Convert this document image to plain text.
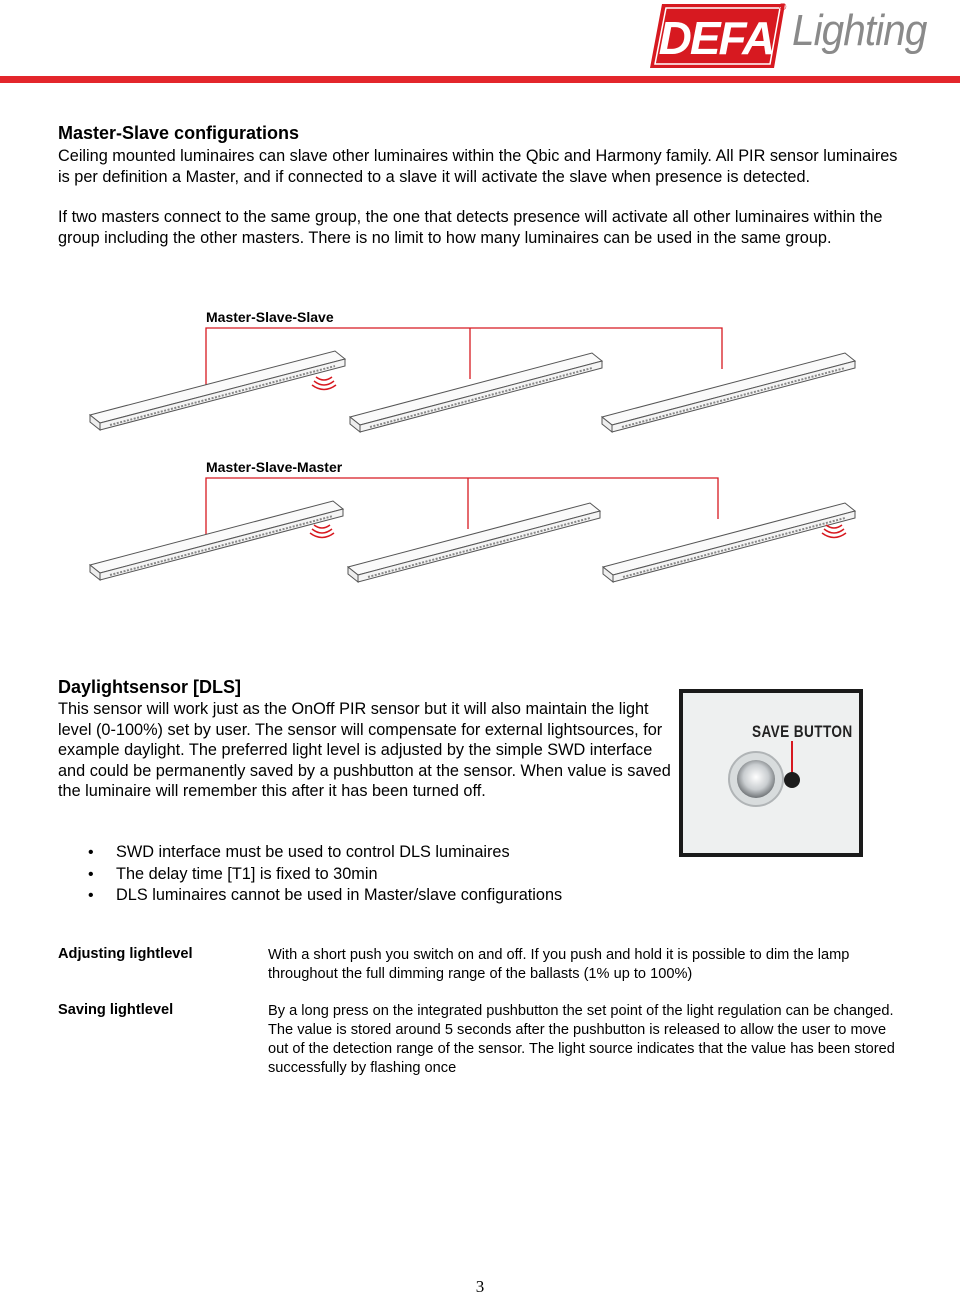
DEFA
® Lighting
Master-Slave configurations

Ceiling mounted luminaires can slave other luminaires within the Qbic and Harmony family. All PIR sensor luminaires is per definition a Master, and if connected to a slave it will activate the slave when presence is detected.

If two masters connect to the same group, the one that detects presence will activate all other luminaires within the group including the other masters. There is no limit to how many luminaires can be used in the same group.

Master-Slave-Slave
Master-Slave-Master
Daylightsensor [DLS]

This sensor will work just as the OnOff PIR sensor but it will also maintain the light level (0-100%) set by user. The sensor will compensate for external lightsources, for example daylight. The preferred light level is adjusted by the simple SWD interface and could be permanently saved by a pushbutton at the sensor. When value is saved the luminaire will remember this after it has been turned off.

SAVE BUTTON
• SWD interface must be used to control DLS luminaires
• The delay time [T1] is fixed to 30min
• DLS luminaires cannot be used in Master/slave configurations
Adjusting lightlevel	With a short push you switch on and off. If you push and hold it is possible to dim the lamp throughout the full dimming range of the ballasts (1% up to 100%)
Saving lightlevel	By a long press on the integrated pushbutton the set point of the light regulation can be changed. The value is stored around 5 seconds after the pushbutton is released to allow the user to move out of the detection range of the sensor. The light source indicates that the value has been stored successfully by flashing once
3
